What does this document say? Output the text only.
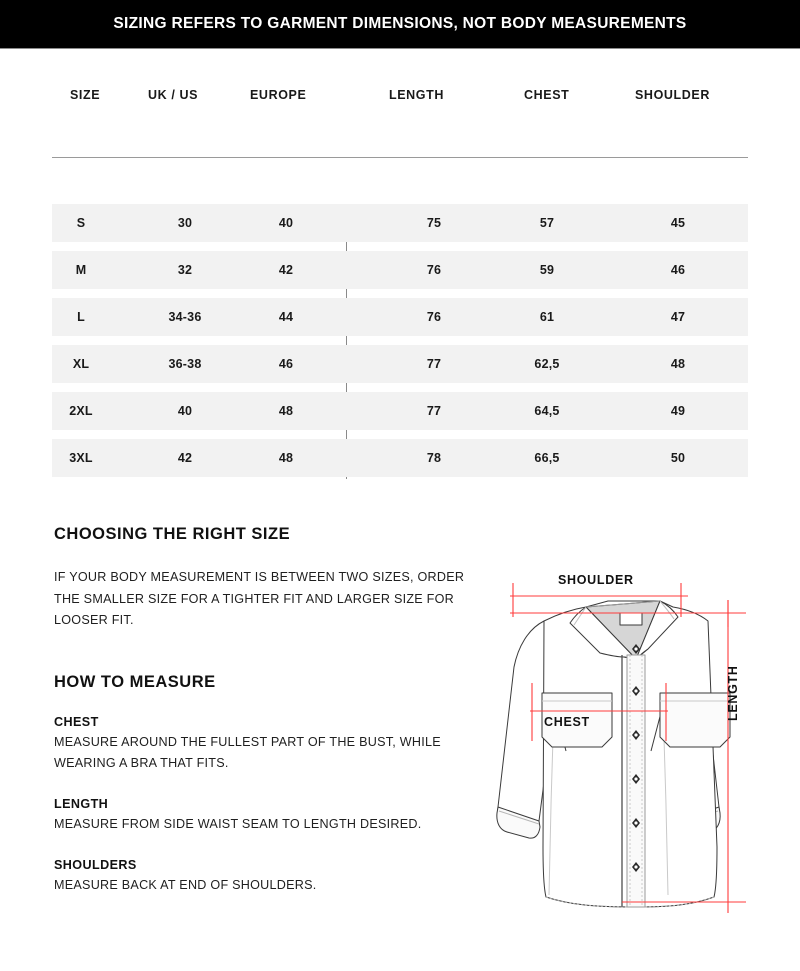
SIZING REFERS TO GARMENT DIMENSIONS, NOT BODY MEASUREMENTS
SIZE	UK / US	EUROPE	LENGTH	CHEST	SHOULDER
S	30	40	75	57	45
M	32	42	76	59	46
L	34-36	44	76	61	47
XL	36-38	46	77	62,5	48
2XL	40	48	77	64,5	49
3XL	42	48	78	66,5	50
CHOOSING THE RIGHT SIZE
IF YOUR BODY MEASUREMENT IS BETWEEN TWO SIZES, ORDER THE SMALLER SIZE FOR A TIGHTER FIT AND LARGER SIZE FOR LOOSER FIT.
HOW TO MEASURE
CHEST
MEASURE AROUND THE FULLEST PART OF THE BUST, WHILE WEARING A BRA THAT FITS.
LENGTH
MEASURE FROM SIDE WAIST SEAM TO LENGTH DESIRED.
SHOULDERS
MEASURE BACK AT END OF SHOULDERS.
SHOULDER
CHEST
LENGTH
